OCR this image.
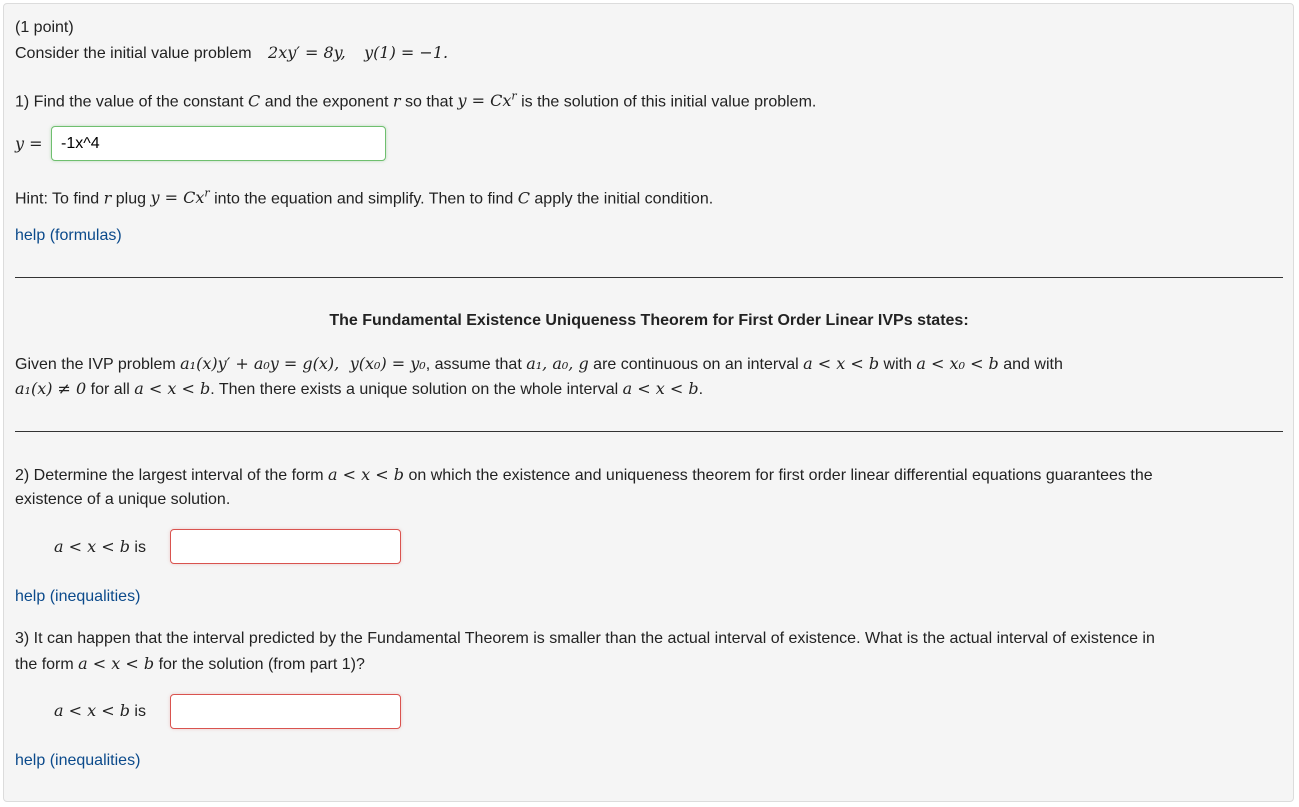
(1 point)
Consider the initial value problem 2xy′ = 8y, y(1) = −1.
1) Find the value of the constant C and the exponent r so that $y = Cx^r$ is the solution of this initial value problem.
y =
-1x^4
Hint: To find r plug $y = Cx^r$ into the equation and simplify. Then to find C apply the initial condition.
help (formulas)
The Fundamental Existence Uniqueness Theorem for First Order Linear IVPs states:
Given the IVP problem a₁(x)y′ + a₀y = g(x), y(x₀) = y₀, assume that a₁, a₀, g are continuous on an interval a < x < b with a < x₀ < b and with
a₁(x) ≠ 0 for all a < x < b. Then there exists a unique solution on the whole interval a < x < b.
2) Determine the largest interval of the form a < x < b on which the existence and uniqueness theorem for first order linear differential equations guarantees the
existence of a unique solution.
a < x < b is
help (inequalities)
3) It can happen that the interval predicted by the Fundamental Theorem is smaller than the actual interval of existence. What is the actual interval of existence in
the form a < x < b for the solution (from part 1)?
a < x < b is
help (inequalities)
